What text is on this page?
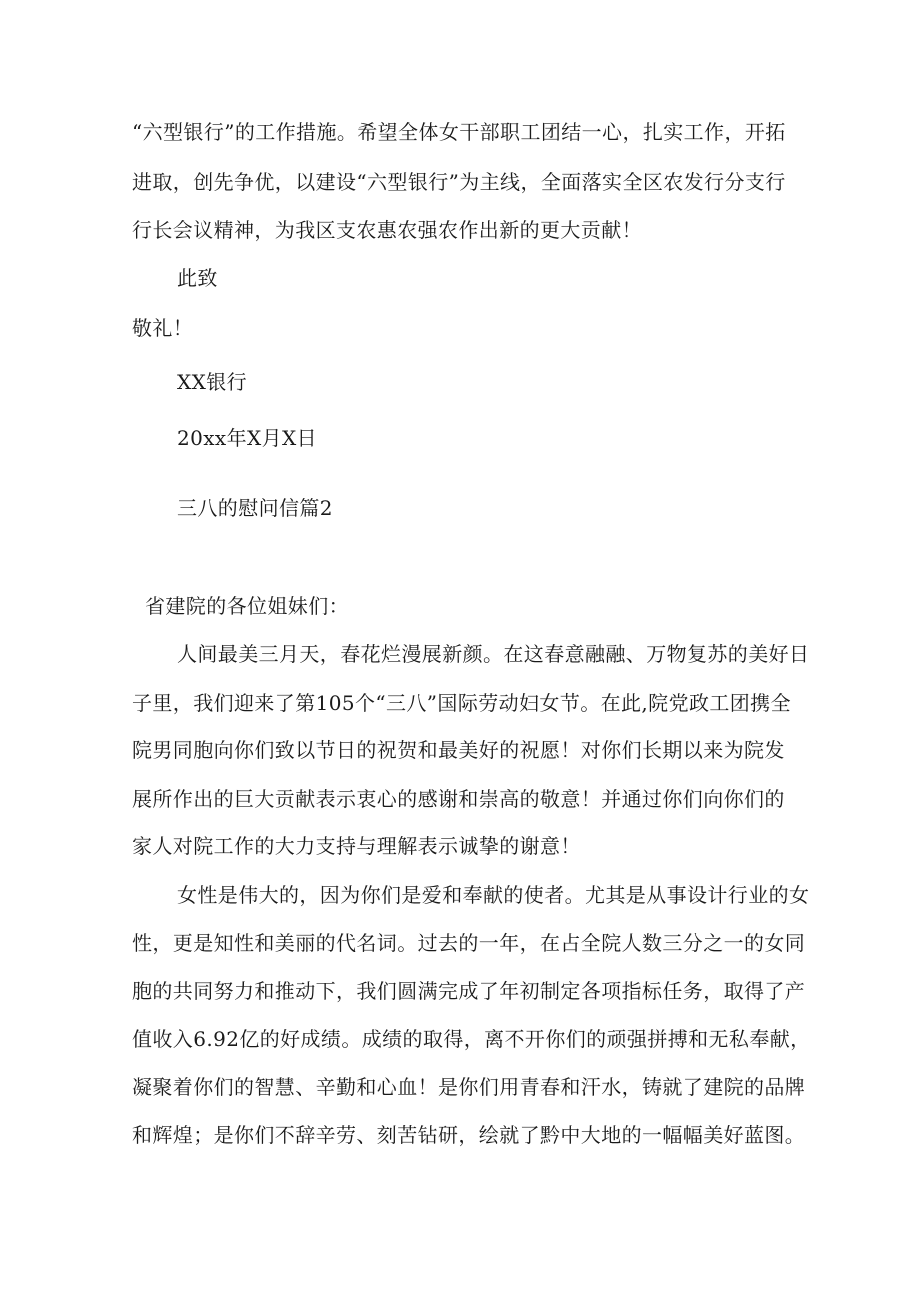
“六型银行”的工作措施。希望全体女干部职工团结一心，扎实工作，开拓
进取，创先争优，以建设“六型银行”为主线，全面落实全区农发行分支行
行长会议精神，为我区支农惠农强农作出新的更大贡献！
此致
敬礼！
XX银行
20xx年X月X日
三八的慰问信篇2
省建院的各位姐妹们：
人间最美三月天，春花烂漫展新颜。在这春意融融、万物复苏的美好日
子里，我们迎来了第105个“三八”国际劳动妇女节。在此,院党政工团携全
院男同胞向你们致以节日的祝贺和最美好的祝愿！对你们长期以来为院发
展所作出的巨大贡献表示衷心的感谢和崇高的敬意！并通过你们向你们的
家人对院工作的大力支持与理解表示诚挚的谢意！
女性是伟大的，因为你们是爱和奉献的使者。尤其是从事设计行业的女
性，更是知性和美丽的代名词。过去的一年，在占全院人数三分之一的女同
胞的共同努力和推动下，我们圆满完成了年初制定各项指标任务，取得了产
值收入6.92亿的好成绩。成绩的取得，离不开你们的顽强拼搏和无私奉献，
凝聚着你们的智慧、辛勤和心血！是你们用青春和汗水，铸就了建院的品牌
和辉煌；是你们不辞辛劳、刻苦钻研，绘就了黔中大地的一幅幅美好蓝图。
